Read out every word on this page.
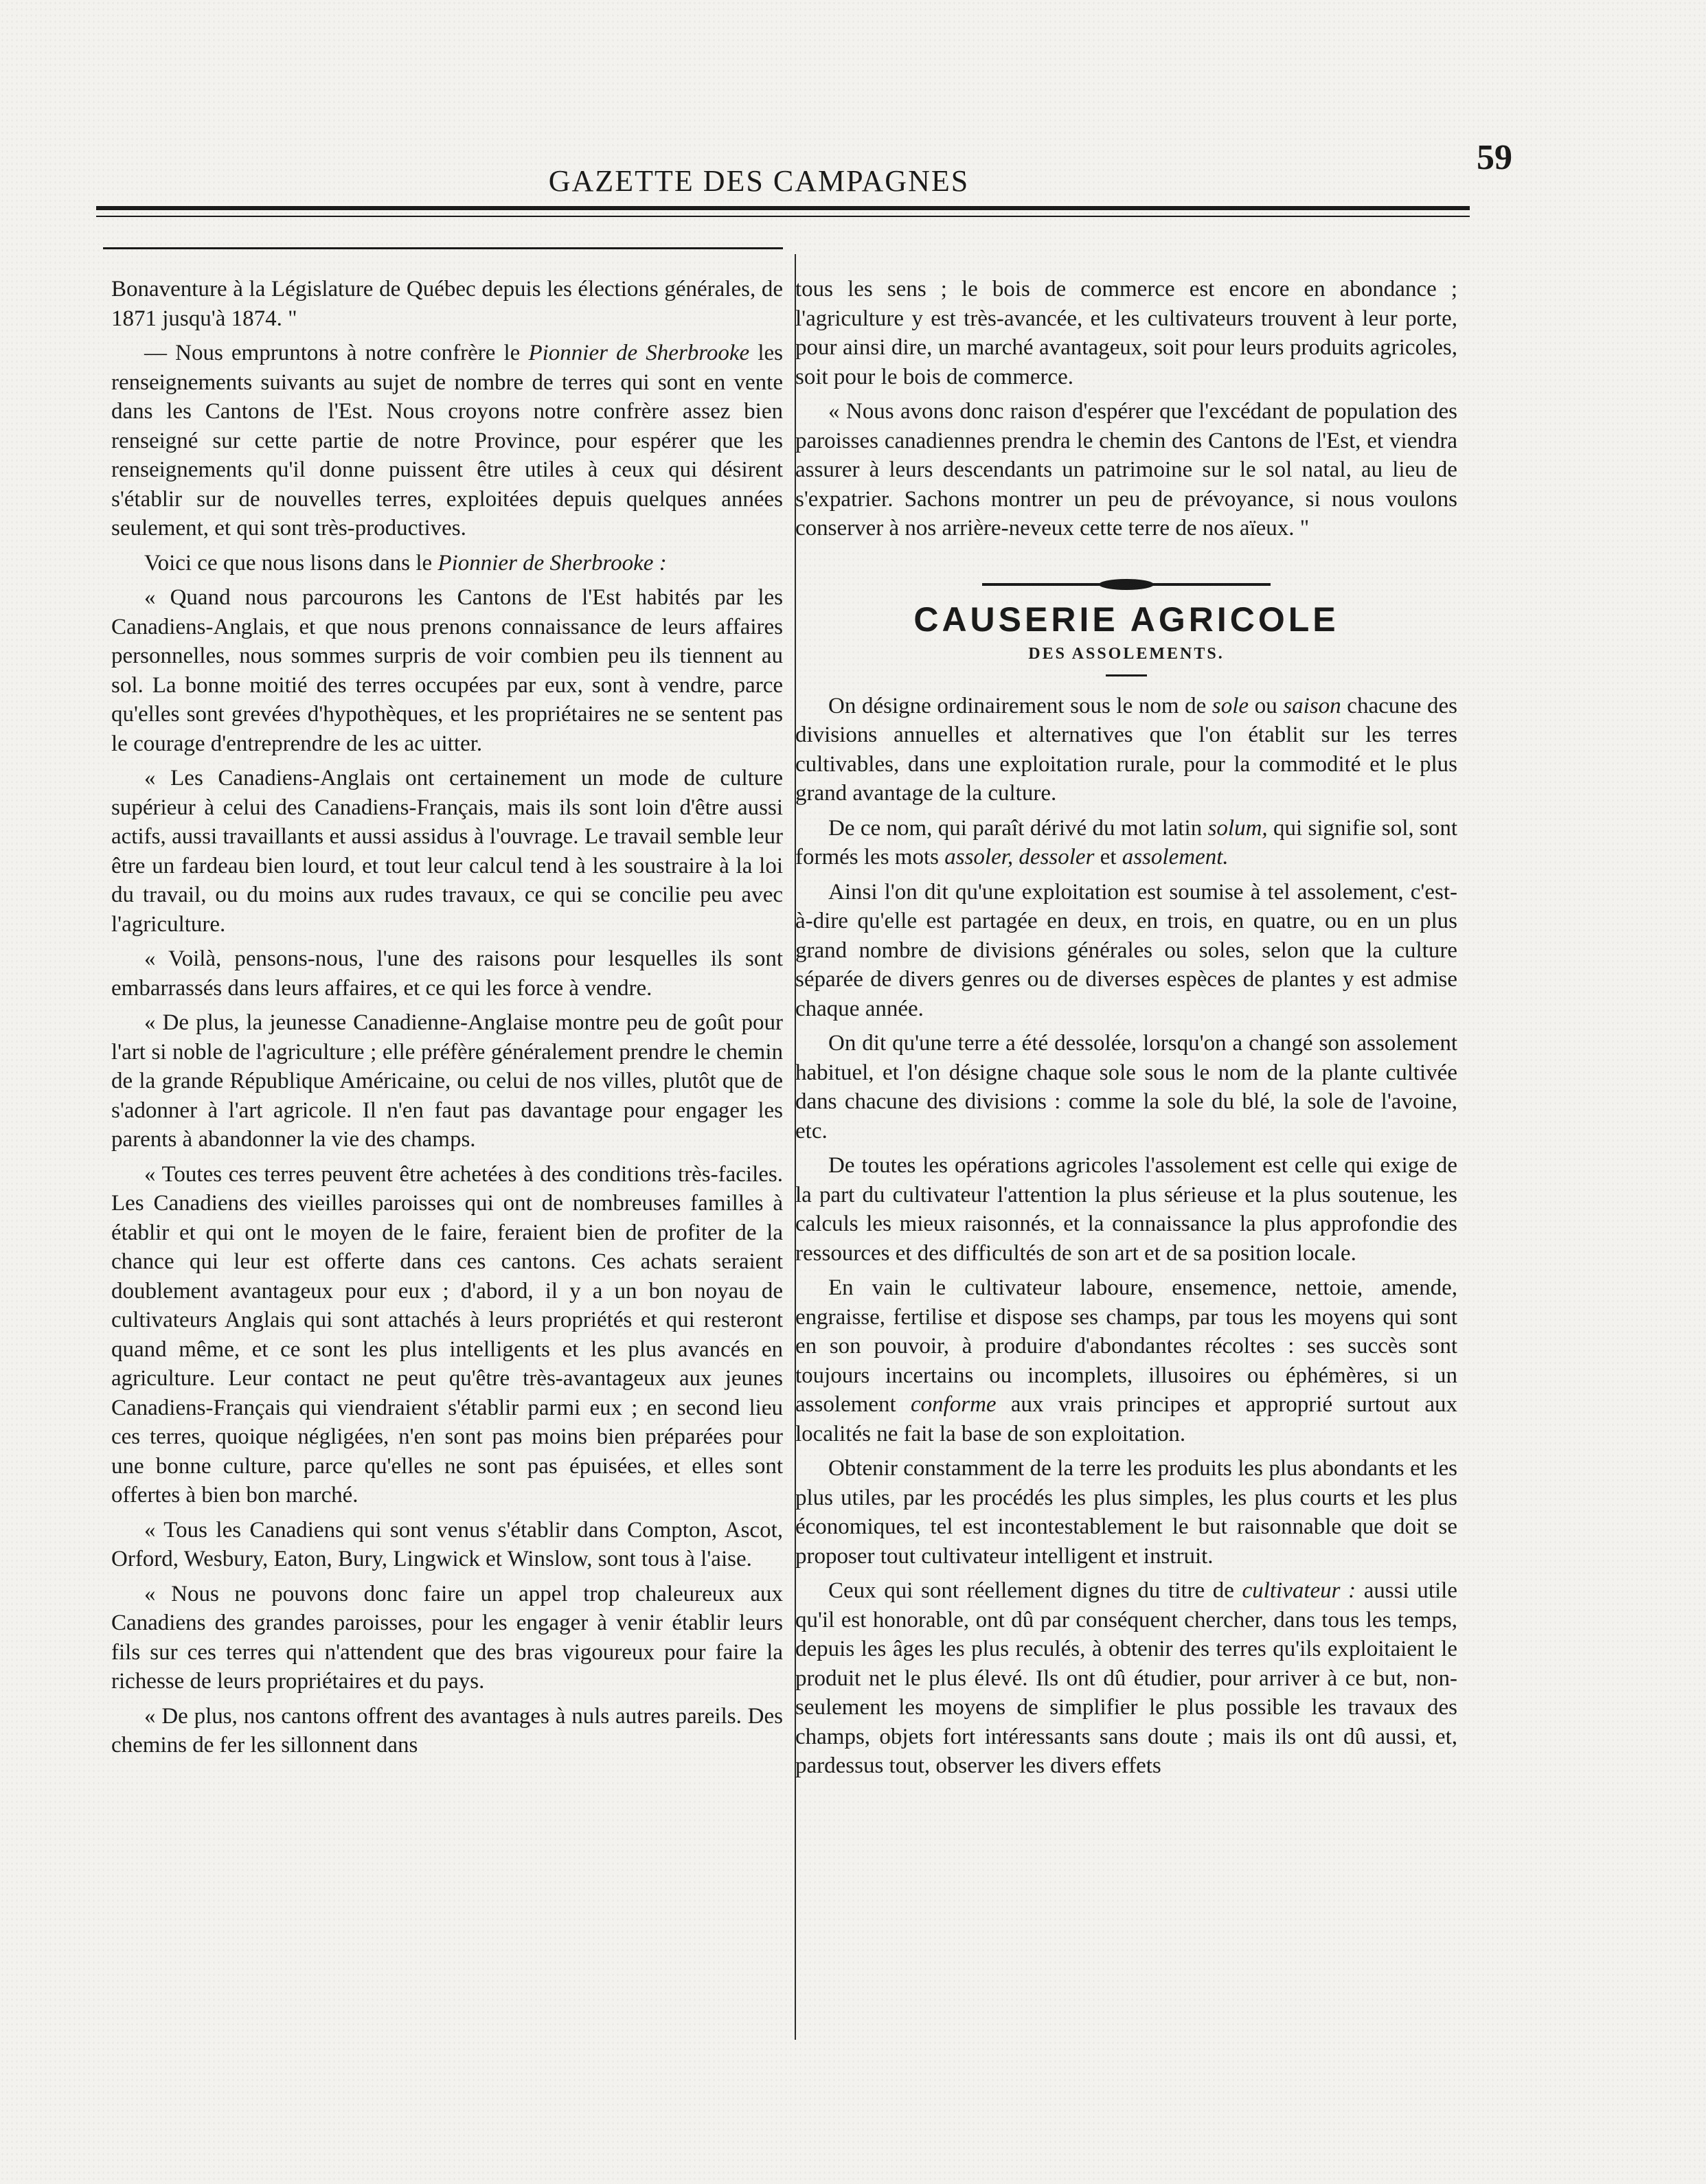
59
GAZETTE DES CAMPAGNES

Bonaventure à la Législature de Québec depuis les élections générales, de 1871 jusqu'à 1874. "

— Nous empruntons à notre confrère le Pionnier de Sherbrooke les renseignements suivants au sujet de nombre de terres qui sont en vente dans les Cantons de l'Est. Nous croyons notre confrère assez bien renseigné sur cette partie de notre Province, pour espérer que les renseignements qu'il donne puissent être utiles à ceux qui désirent s'établir sur de nouvelles terres, exploitées depuis quelques années seulement, et qui sont très-productives.

Voici ce que nous lisons dans le Pionnier de Sherbrooke :

« Quand nous parcourons les Cantons de l'Est habités par les Canadiens-Anglais, et que nous prenons connaissance de leurs affaires personnelles, nous sommes surpris de voir combien peu ils tiennent au sol. La bonne moitié des terres occupées par eux, sont à vendre, parce qu'elles sont grevées d'hypothèques, et les propriétaires ne se sentent pas le courage d'entreprendre de les ac uitter.

« Les Canadiens-Anglais ont certainement un mode de culture supérieur à celui des Canadiens-Français, mais ils sont loin d'être aussi actifs, aussi travaillants et aussi assidus à l'ouvrage. Le travail semble leur être un fardeau bien lourd, et tout leur calcul tend à les soustraire à la loi du travail, ou du moins aux rudes travaux, ce qui se concilie peu avec l'agriculture.

« Voilà, pensons-nous, l'une des raisons pour lesquelles ils sont embarrassés dans leurs affaires, et ce qui les force à vendre.

« De plus, la jeunesse Canadienne-Anglaise montre peu de goût pour l'art si noble de l'agriculture ; elle préfère généralement prendre le chemin de la grande République Américaine, ou celui de nos villes, plutôt que de s'adonner à l'art agricole. Il n'en faut pas davantage pour engager les parents à abandonner la vie des champs.

« Toutes ces terres peuvent être achetées à des conditions très-faciles. Les Canadiens des vieilles paroisses qui ont de nombreuses familles à établir et qui ont le moyen de le faire, feraient bien de profiter de la chance qui leur est offerte dans ces cantons. Ces achats seraient doublement avantageux pour eux ; d'abord, il y a un bon noyau de cultivateurs Anglais qui sont attachés à leurs propriétés et qui resteront quand même, et ce sont les plus intelligents et les plus avancés en agriculture. Leur contact ne peut qu'être très-avantageux aux jeunes Canadiens-Français qui viendraient s'établir parmi eux ; en second lieu ces terres, quoique négligées, n'en sont pas moins bien préparées pour une bonne culture, parce qu'elles ne sont pas épuisées, et elles sont offertes à bien bon marché.

« Tous les Canadiens qui sont venus s'établir dans Compton, Ascot, Orford, Wesbury, Eaton, Bury, Lingwick et Winslow, sont tous à l'aise.

« Nous ne pouvons donc faire un appel trop chaleureux aux Canadiens des grandes paroisses, pour les engager à venir établir leurs fils sur ces terres qui n'attendent que des bras vigoureux pour faire la richesse de leurs propriétaires et du pays.

« De plus, nos cantons offrent des avantages à nuls autres pareils. Des chemins de fer les sillonnent dans

tous les sens ; le bois de commerce est encore en abondance ; l'agriculture y est très-avancée, et les cultivateurs trouvent à leur porte, pour ainsi dire, un marché avantageux, soit pour leurs produits agricoles, soit pour le bois de commerce.

« Nous avons donc raison d'espérer que l'excédant de population des paroisses canadiennes prendra le chemin des Cantons de l'Est, et viendra assurer à leurs descendants un patrimoine sur le sol natal, au lieu de s'expatrier. Sachons montrer un peu de prévoyance, si nous voulons conserver à nos arrière-neveux cette terre de nos aïeux. "

CAUSERIE AGRICOLE
DES ASSOLEMENTS.

On désigne ordinairement sous le nom de sole ou saison chacune des divisions annuelles et alternatives que l'on établit sur les terres cultivables, dans une exploitation rurale, pour la commodité et le plus grand avantage de la culture.

De ce nom, qui paraît dérivé du mot latin solum, qui signifie sol, sont formés les mots assoler, dessoler et assolement.

Ainsi l'on dit qu'une exploitation est soumise à tel assolement, c'est-à-dire qu'elle est partagée en deux, en trois, en quatre, ou en un plus grand nombre de divisions générales ou soles, selon que la culture séparée de divers genres ou de diverses espèces de plantes y est admise chaque année.

On dit qu'une terre a été dessolée, lorsqu'on a changé son assolement habituel, et l'on désigne chaque sole sous le nom de la plante cultivée dans chacune des divisions : comme la sole du blé, la sole de l'avoine, etc.

De toutes les opérations agricoles l'assolement est celle qui exige de la part du cultivateur l'attention la plus sérieuse et la plus soutenue, les calculs les mieux raisonnés, et la connaissance la plus approfondie des ressources et des difficultés de son art et de sa position locale.

En vain le cultivateur laboure, ensemence, nettoie, amende, engraisse, fertilise et dispose ses champs, par tous les moyens qui sont en son pouvoir, à produire d'abondantes récoltes : ses succès sont toujours incertains ou incomplets, illusoires ou éphémères, si un assolement conforme aux vrais principes et approprié surtout aux localités ne fait la base de son exploitation.

Obtenir constamment de la terre les produits les plus abondants et les plus utiles, par les procédés les plus simples, les plus courts et les plus économiques, tel est incontestablement le but raisonnable que doit se proposer tout cultivateur intelligent et instruit.

Ceux qui sont réellement dignes du titre de cultivateur : aussi utile qu'il est honorable, ont dû par conséquent chercher, dans tous les temps, depuis les âges les plus reculés, à obtenir des terres qu'ils exploitaient le produit net le plus élevé. Ils ont dû étudier, pour arriver à ce but, non-seulement les moyens de simplifier le plus possible les travaux des champs, objets fort intéressants sans doute ; mais ils ont dû aussi, et, pardessus tout, observer les divers effets
